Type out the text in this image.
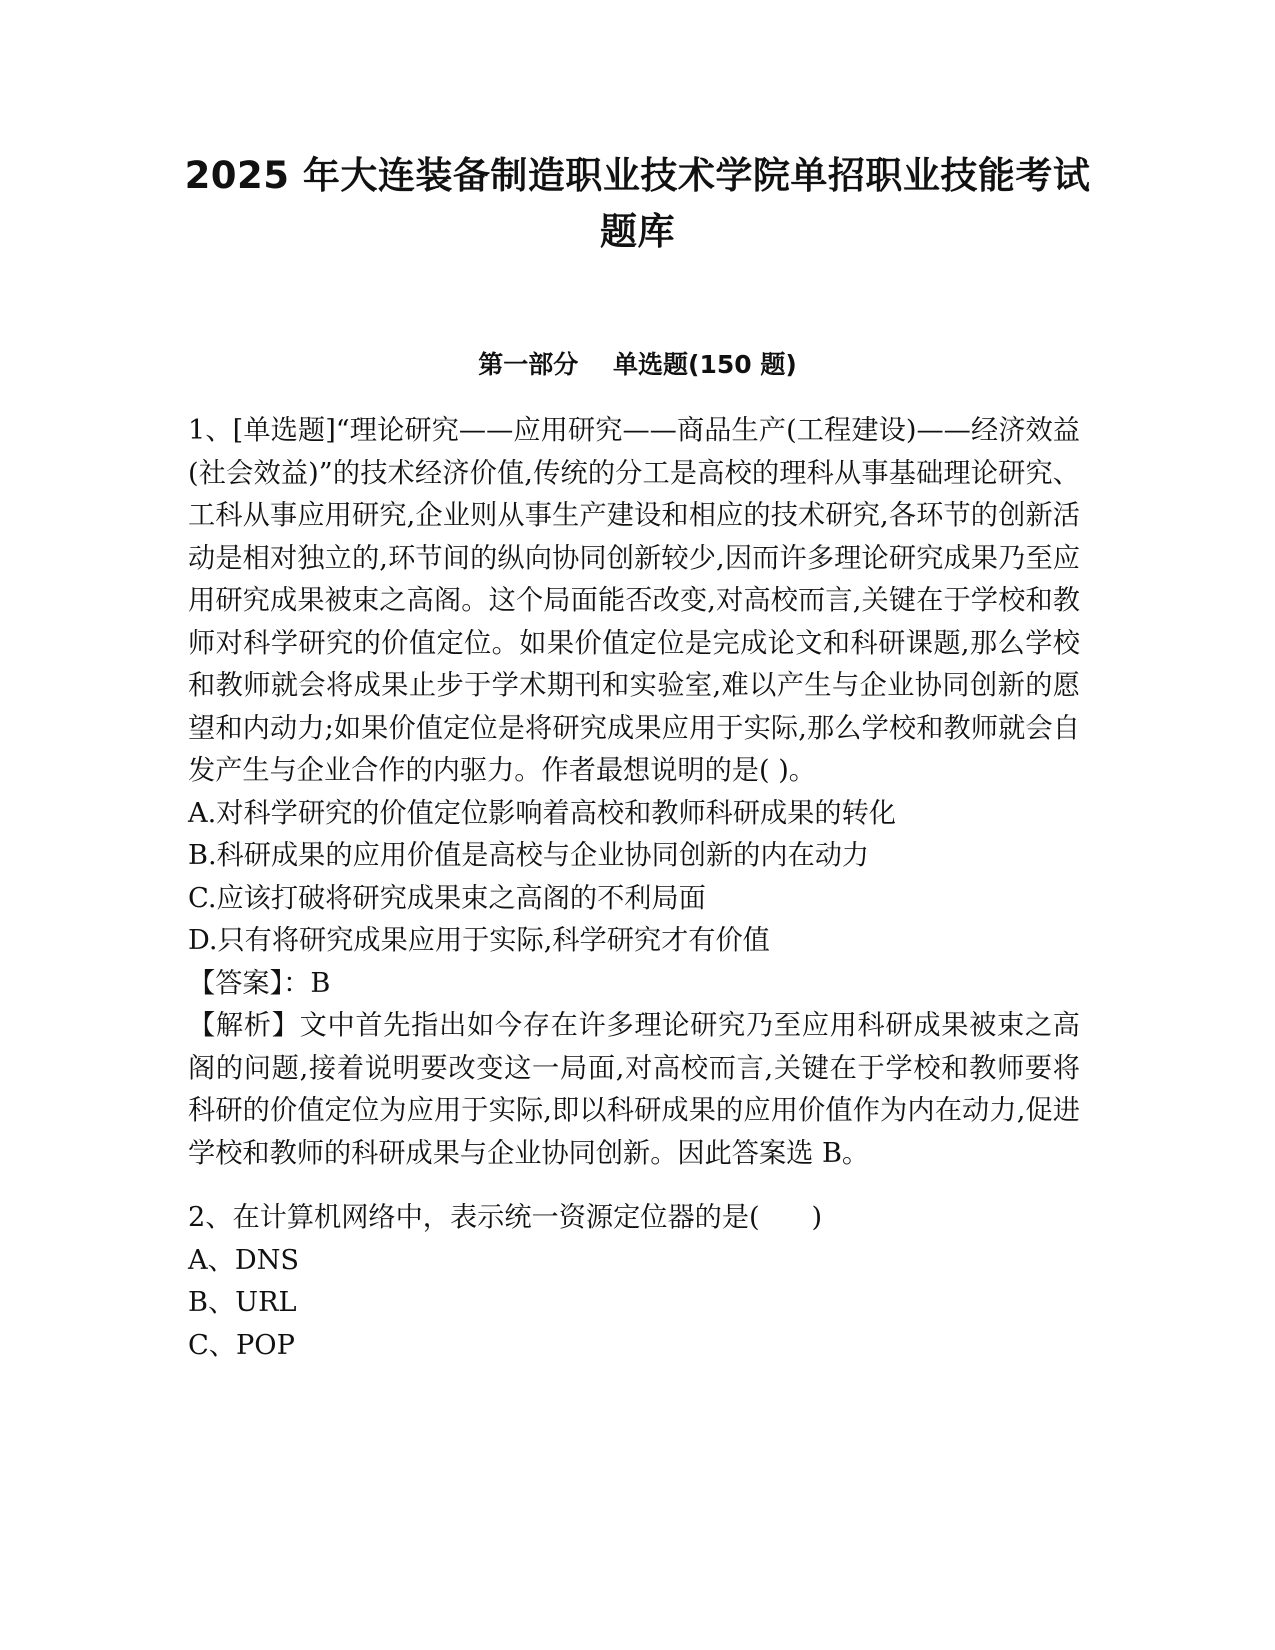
2025 年大连装备制造职业技术学院单招职业技能考试
题库
第一部分    单选题(150 题)

1、[单选题]“理论研究——应用研究——商品生产(工程建设)——经济效益(社会效益)”的技术经济价值,传统的分工是高校的理科从事基础理论研究、工科从事应用研究,企业则从事生产建设和相应的技术研究,各环节的创新活动是相对独立的,环节间的纵向协同创新较少,因而许多理论研究成果乃至应用研究成果被束之高阁。这个局面能否改变,对高校而言,关键在于学校和教师对科学研究的价值定位。如果价值定位是完成论文和科研课题,那么学校和教师就会将成果止步于学术期刊和实验室,难以产生与企业协同创新的愿望和内动力;如果价值定位是将研究成果应用于实际,那么学校和教师就会自发产生与企业合作的内驱力。作者最想说明的是( )。

A.对科学研究的价值定位影响着高校和教师科研成果的转化

B.科研成果的应用价值是高校与企业协同创新的内在动力

C.应该打破将研究成果束之高阁的不利局面

D.只有将研究成果应用于实际,科学研究才有价值

【答案】：B

【解析】文中首先指出如今存在许多理论研究乃至应用科研成果被束之高阁的问题,接着说明要改变这一局面,对高校而言,关键在于学校和教师要将科研的价值定位为应用于实际,即以科研成果的应用价值作为内在动力,促进学校和教师的科研成果与企业协同创新。因此答案选 B。

2、在计算机网络中，表示统一资源定位器的是(      )

A、DNS

B、URL

C、POP
